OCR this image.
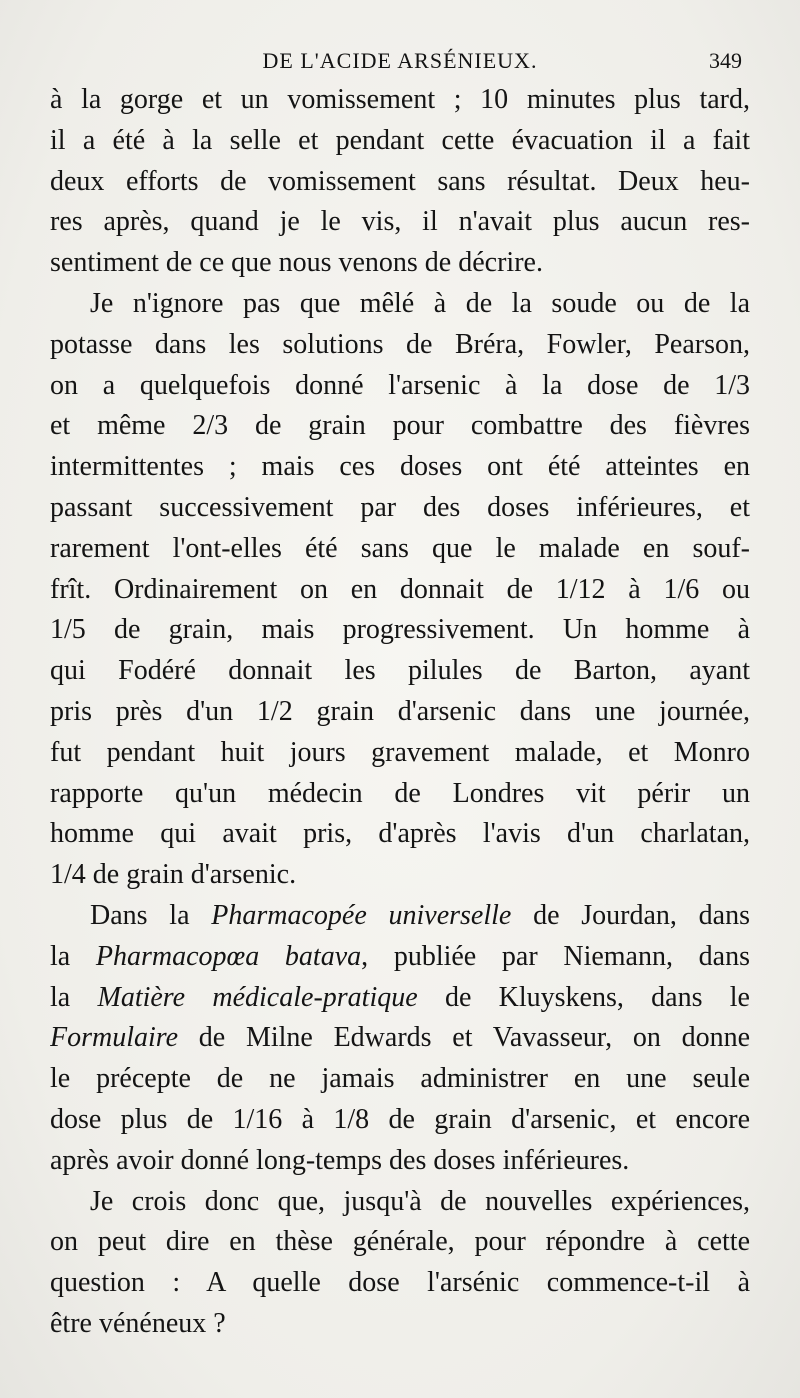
DE L'ACIDE ARSÉNIEUX.	349

à la gorge et un vomissement ; 10 minutes plus tard,
il a été à la selle et pendant cette évacuation il a fait
deux efforts de vomissement sans résultat. Deux heu-
res après, quand je le vis, il n'avait plus aucun res-
sentiment de ce que nous venons de décrire.

Je n'ignore pas que mêlé à de la soude ou de la
potasse dans les solutions de Bréra, Fowler, Pearson,
on a quelquefois donné l'arsenic à la dose de 1/3
et même 2/3 de grain pour combattre des fièvres
intermittentes ; mais ces doses ont été atteintes en
passant successivement par des doses inférieures, et
rarement l'ont-elles été sans que le malade en souf-
frît. Ordinairement on en donnait de 1/12 à 1/6 ou
1/5 de grain, mais progressivement. Un homme à
qui Fodéré donnait les pilules de Barton, ayant
pris près d'un 1/2 grain d'arsenic dans une journée,
fut pendant huit jours gravement malade, et Monro
rapporte qu'un médecin de Londres vit périr un
homme qui avait pris, d'après l'avis d'un charlatan,
1/4 de grain d'arsenic.

Dans la Pharmacopée universelle de Jourdan, dans
la Pharmacopœa batava, publiée par Niemann, dans
la Matière médicale-pratique de Kluyskens, dans le
Formulaire de Milne Edwards et Vavasseur, on donne
le précepte de ne jamais administrer en une seule
dose plus de 1/16 à 1/8 de grain d'arsenic, et encore
après avoir donné long-temps des doses inférieures.

Je crois donc que, jusqu'à de nouvelles expériences,
on peut dire en thèse générale, pour répondre à cette
question : A quelle dose l'arsénic commence-t-il à
être vénéneux ?
